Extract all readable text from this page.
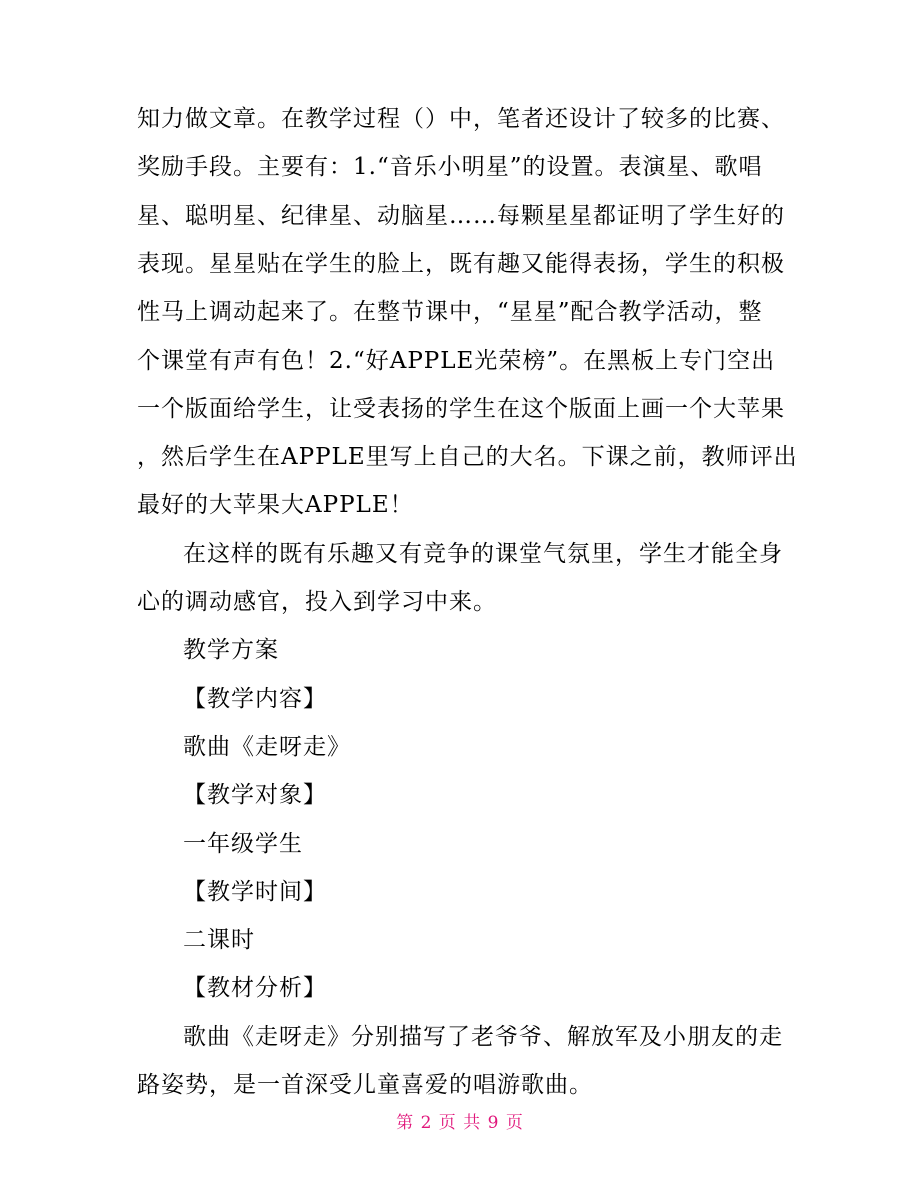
知力做文章。在教学过程（）中，笔者还设计了较多的比赛、
奖励手段。主要有：1.“音乐小明星”的设置。表演星、歌唱
星、聪明星、纪律星、动脑星……每颗星星都证明了学生好的
表现。星星贴在学生的脸上，既有趣又能得表扬，学生的积极
性马上调动起来了。在整节课中，“星星”配合教学活动，整
个课堂有声有色！2.“好APPLE光荣榜”。在黑板上专门空出
一个版面给学生，让受表扬的学生在这个版面上画一个大苹果
，然后学生在APPLE里写上自己的大名。下课之前，教师评出
最好的大苹果大APPLE！
在这样的既有乐趣又有竞争的课堂气氛里，学生才能全身
心的调动感官，投入到学习中来。
教学方案
【教学内容】
歌曲《走呀走》
【教学对象】
一年级学生
【教学时间】
二课时
【教材分析】
歌曲《走呀走》分别描写了老爷爷、解放军及小朋友的走
路姿势，是一首深受儿童喜爱的唱游歌曲。
第 2 页 共 9 页
